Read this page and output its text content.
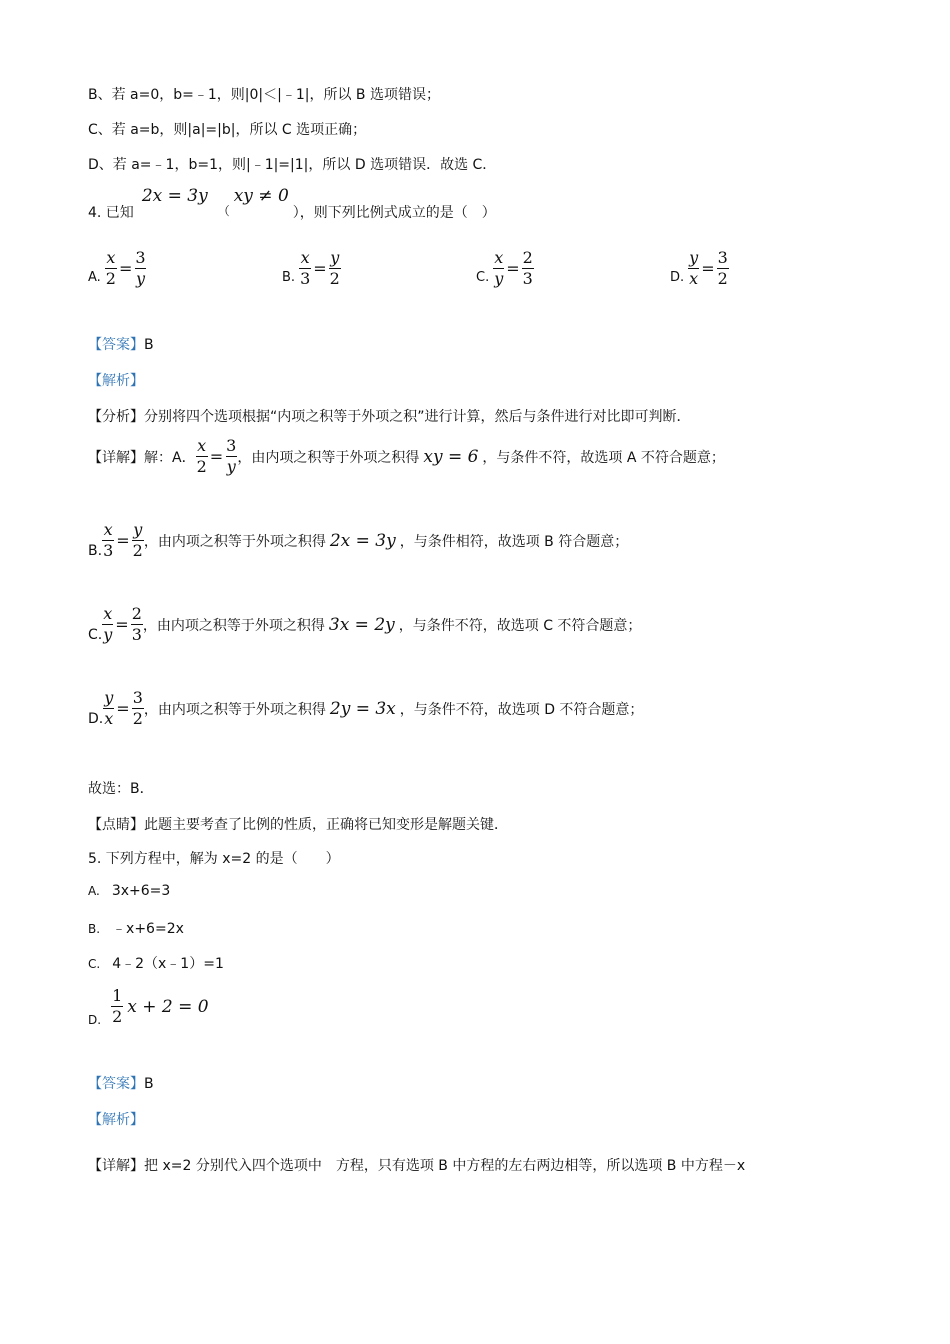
B、若 a=0，b=﹣1，则|0|＜|﹣1|，所以 B 选项错误；
C、若 a=b，则|a|=|b|，所以 C 选项正确；
D、若 a=﹣1，b=1，则|﹣1|=|1|，所以 D 选项错误．故选 C．
4. 已知
2x = 3y
（
xy ≠ 0
），则下列比例式成立的是（　）
A. $\frac{x}{2} = \frac{3}{y}$	B. $\frac{x}{3} = \frac{y}{2}$	C. $\frac{x}{y} = \frac{2}{3}$	D. $\frac{y}{x} = \frac{3}{2}$
【答案】B
【解析】
【分析】分别将四个选项根据“内项之积等于外项之积”进行计算，然后与条件进行对比即可判断．
【详解】 解：A． $\frac{x}{2} = \frac{3}{y}$ ，由内项之积等于外项之积得 xy = 6 ，与条件不符，故选项 A 不符合题意；
B. $\frac{x}{3} = \frac{y}{2}$ ，由内项之积等于外项之积得 2x = 3y ，与条件相符，故选项 B 符合题意；
C. $\frac{x}{y} = \frac{2}{3}$ ，由内项之积等于外项之积得 3x = 2y ，与条件不符，故选项 C 不符合题意；
D. $\frac{y}{x} = \frac{3}{2}$ ，由内项之积等于外项之积得 2y = 3x ，与条件不符，故选项 D 不符合题意；
故选：B．
【点睛】此题主要考查了比例的性质，正确将已知变形是解题关键．
5. 下列方程中，解为 x=2 的是（　　）
A. 3x+6=3
B. ﹣x+6=2x
C. 4﹣2（x﹣1）=1
D. $\frac{1}{2}$ x + 2 = 0
【答案】B
【解析】
【详解】把 x=2 分别代入四个选项中　方程，只有选项 B 中方程的左右两边相等，所以选项 B 中方程－x
